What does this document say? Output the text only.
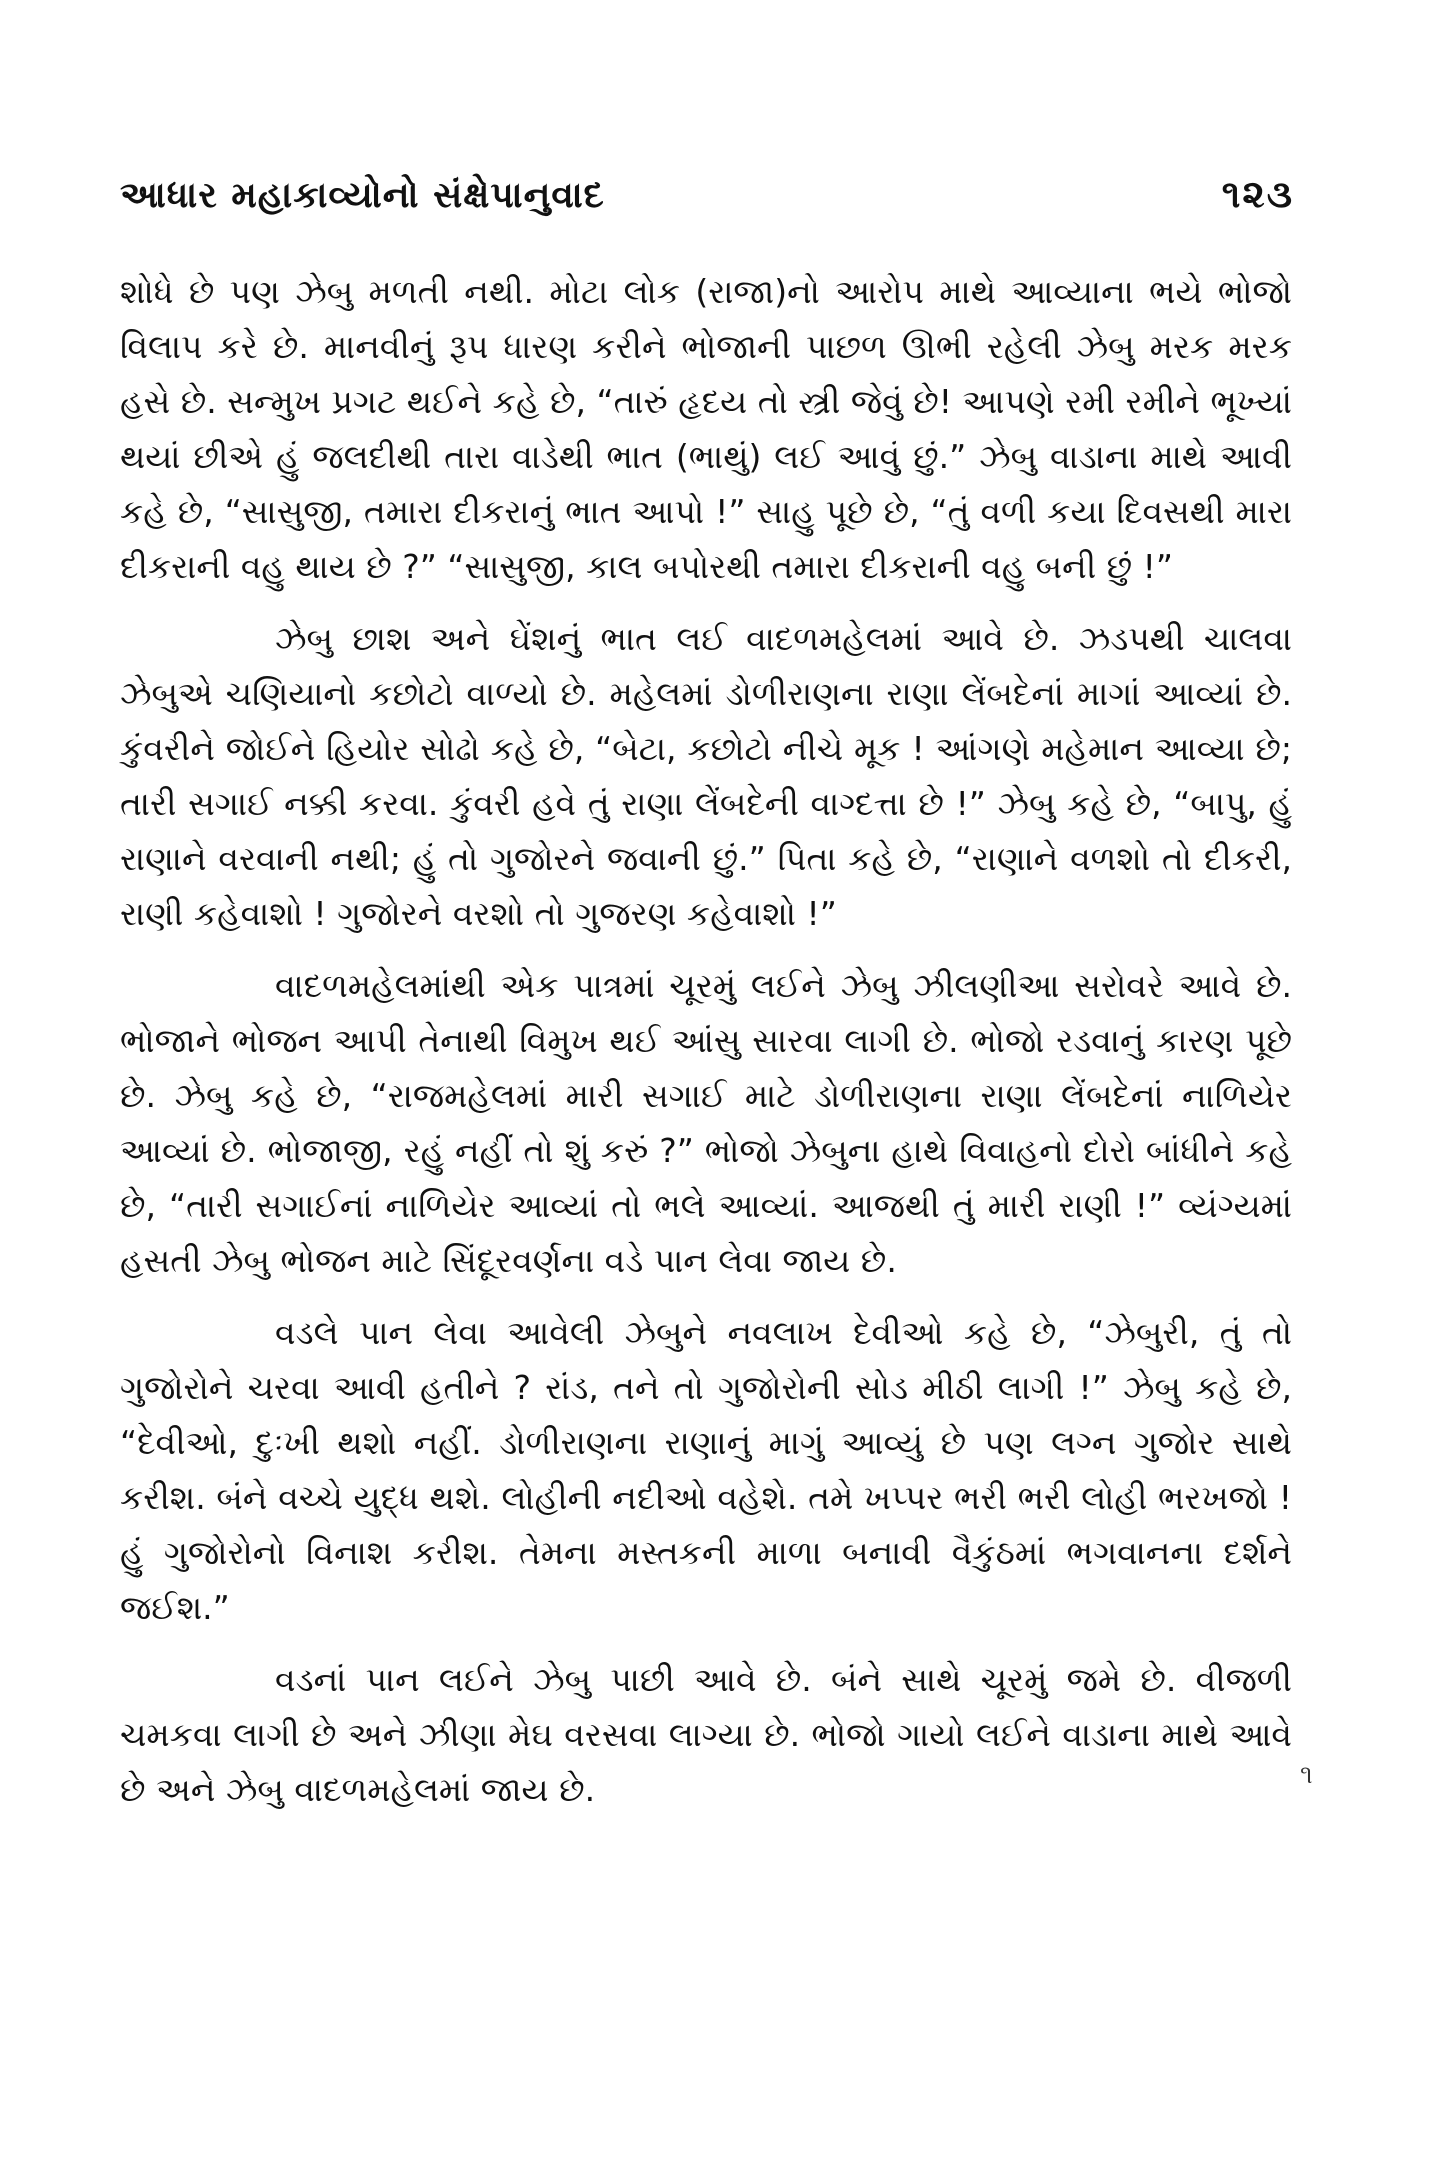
આધાર મહાકાવ્યોનો સંક્ષેપાનુવાદ	૧૨૩

શોધે છે પણ ઝેબુ મળતી નથી. મોટા લોક (રાજા)નો આરોપ માથે આવ્યાના ભયે ભોજો વિલાપ કરે છે. માનવીનું રૂપ ધારણ કરીને ભોજાની પાછળ ઊભી રહેલી ઝેબુ મરક મરક હસે છે. સન્મુખ પ્રગટ થઈને કહે છે, “તારું હૃદય તો સ્ત્રી જેવું છે! આપણે રમી રમીને ભૂખ્યાં થયાં છીએ હું જલદીથી તારા વાડેથી ભાત (ભાથું) લઈ આવું છું.” ઝેબુ વાડાના માથે આવી કહે છે, “સાસુજી, તમારા દીકરાનું ભાત આપો !” સાહુ પૂછે છે, “તું વળી કયા દિવસથી મારા દીકરાની વહુ થાય છે ?” “સાસુજી, કાલ બપોરથી તમારા દીકરાની વહુ બની છું !”

ઝેબુ છાશ અને ઘેંશનું ભાત લઈ વાદળમહેલમાં આવે છે. ઝડપથી ચાલવા ઝેબુએ ચણિયાનો કછોટો વાળ્યો છે. મહેલમાં ડોળીરાણના રાણા લેંબદેનાં માગાં આવ્યાં છે. કુંવરીને જોઈને હિયોર સોઢો કહે છે, “બેટા, કછોટો નીચે મૂક ! આંગણે મહેમાન આવ્યા છે; તારી સગાઈ નક્કી કરવા. કુંવરી હવે તું રાણા લેંબદેની વાગ્દત્તા છે !” ઝેબુ કહે છે, “બાપુ, હું રાણાને વરવાની નથી; હું તો ગુજોરને જવાની છું.” પિતા કહે છે, “રાણાને વળશો તો દીકરી, રાણી કહેવાશો ! ગુજોરને વરશો તો ગુજરણ કહેવાશો !”

વાદળમહેલમાંથી એક પાત્રમાં ચૂરમું લઈને ઝેબુ ઝીલણીઆ સરોવરે આવે છે. ભોજાને ભોજન આપી તેનાથી વિમુખ થઈ આંસુ સારવા લાગી છે. ભોજો રડવાનું કારણ પૂછે છે. ઝેબુ કહે છે, “રાજમહેલમાં મારી સગાઈ માટે ડોળીરાણના રાણા લેંબદેનાં નાળિયેર આવ્યાં છે. ભોજાજી, રહું નહીં તો શું કરું ?” ભોજો ઝેબુના હાથે વિવાહનો દોરો બાંધીને કહે છે, “તારી સગાઈનાં નાળિયેર આવ્યાં તો ભલે આવ્યાં. આજથી તું મારી રાણી !” વ્યંગ્યમાં હસતી ઝેબુ ભોજન માટે સિંદૂરવર્ણના વડે પાન લેવા જાય છે.

વડલે પાન લેવા આવેલી ઝેબુને નવલાખ દેવીઓ કહે છે, “ઝેબુરી, તું તો ગુજોરોને ચરવા આવી હતીને ? રાંડ, તને તો ગુજોરોની સોડ મીઠી લાગી !” ઝેબુ કહે છે, “દેવીઓ, દુઃખી થશો નહીં. ડોળીરાણના રાણાનું માગું આવ્યું છે પણ લગ્ન ગુજોર સાથે કરીશ. બંને વચ્ચે યુદ્ધ થશે. લોહીની નદીઓ વહેશે. તમે ખપ્પર ભરી ભરી લોહી ભરખજો ! હું ગુજોરોનો વિનાશ કરીશ. તેમના મસ્તકની માળા બનાવી વૈકુંઠમાં ભગવાનના દર્શને જઈશ.”

વડનાં પાન લઈને ઝેબુ પાછી આવે છે. બંને સાથે ચૂરમું જમે છે. વીજળી ચમકવા લાગી છે અને ઝીણા મેઘ વરસવા લાગ્યા છે. ભોજો ગાયો લઈને વાડાના માથે આવે છે અને ઝેબુ વાદળમહેલમાં જાય છે.	૧
